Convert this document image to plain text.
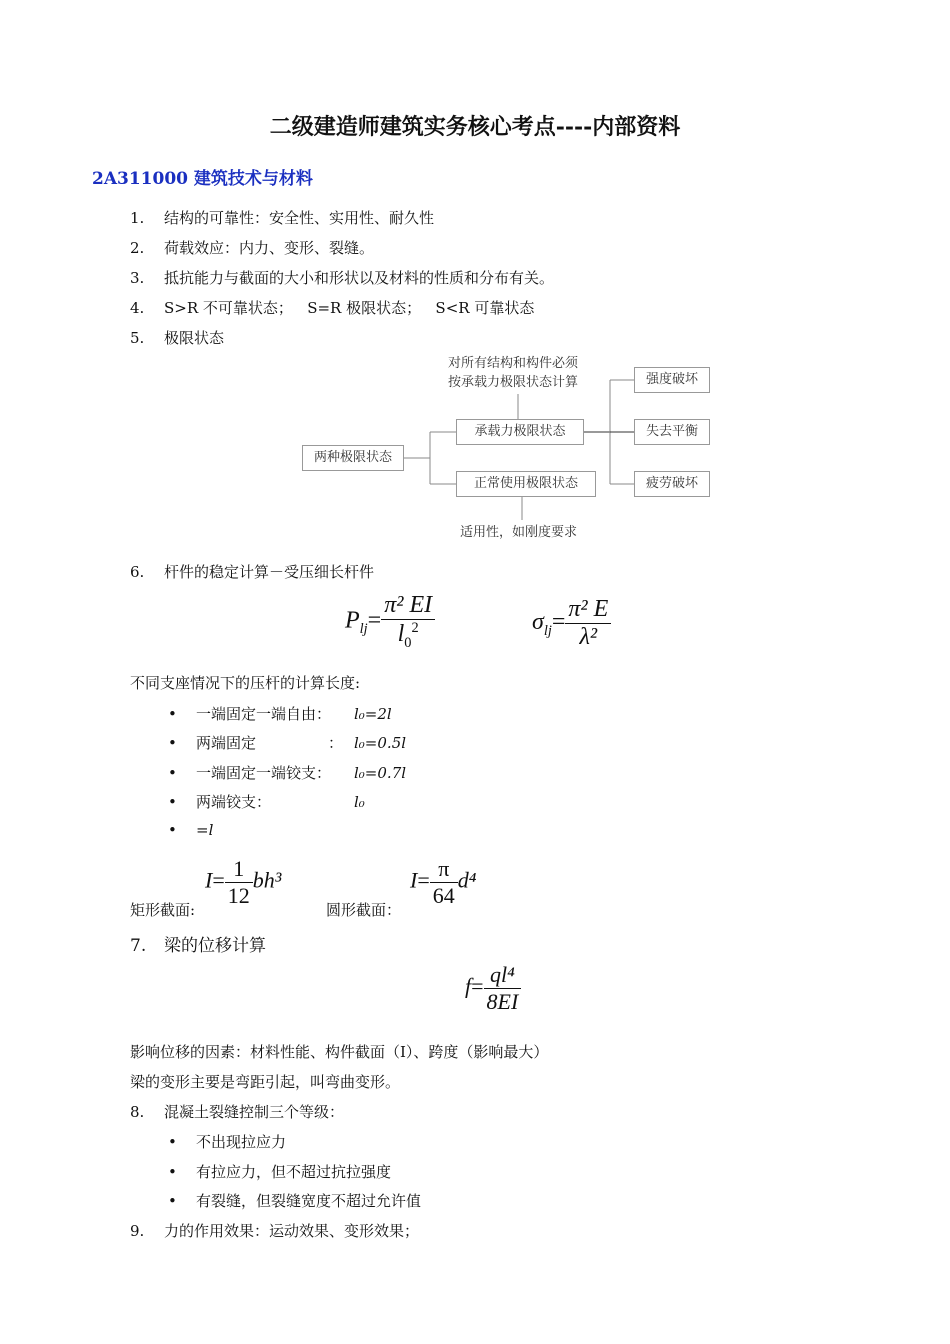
二级建造师建筑实务核心考点----内部资料
2A311000 建筑技术与材料
1. 结构的可靠性：安全性、实用性、耐久性
2. 荷载效应：内力、变形、裂缝。
3. 抵抗能力与截面的大小和形状以及材料的性质和分布有关。
4. S>R 不可靠状态；   S=R 极限状态；   S<R 可靠状态
5. 极限状态
两种极限状态
对所有结构和构件必须
按承载力极限状态计算
承载力极限状态
正常使用极限状态
强度破坏
失去平衡
疲劳破坏
适用性，如刚度要求
6. 杆件的稳定计算－受压细长杆件
$P_{lj}= \frac{\text{π² EI}}{l_0^2}$	$\sigma_{lj}= \frac{\text{π² E}}{\text{λ²}}$
不同支座情况下的压杆的计算长度:
• 一端固定一端自由： l₀=2l
• 两端固定	： l₀=0.5l
• 一端固定一端铰支： l₀=0.7l
• 两端铰支：	l₀
• =l
$I= \frac{1}{12} bh^3$
矩形截面:
$I= \frac{\pi}{64} d^4$
圆形截面：
7. 梁的位移计算
$f= \frac{\text{ql⁴}}{8EI}$
影响位移的因素：材料性能、构件截面（I）、跨度（影响最大）
梁的变形主要是弯距引起，叫弯曲变形。
8. 混凝土裂缝控制三个等级：
• 不出现拉应力
• 有拉应力，但不超过抗拉强度
• 有裂缝，但裂缝宽度不超过允许值
9. 力的作用效果：运动效果、变形效果；
